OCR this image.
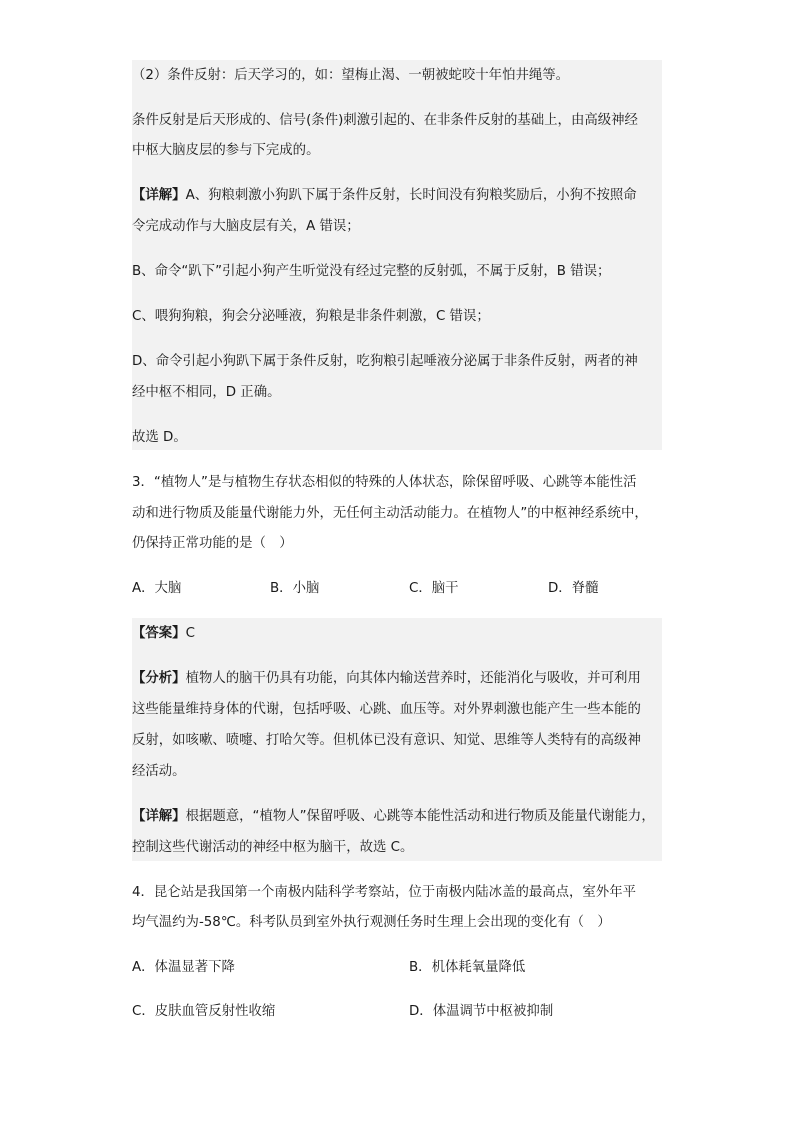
（2）条件反射：后天学习的，如：望梅止渴、一朝被蛇咬十年怕井绳等。
条件反射是后天形成的、信号(条件)刺激引起的、在非条件反射的基础上，由高级神经
中枢大脑皮层的参与下完成的。
【详解】A、狗粮刺激小狗趴下属于条件反射，长时间没有狗粮奖励后，小狗不按照命
令完成动作与大脑皮层有关，A 错误；
B、命令“趴下”引起小狗产生听觉没有经过完整的反射弧，不属于反射，B 错误；
C、喂狗狗粮，狗会分泌唾液，狗粮是非条件刺激，C 错误；
D、命令引起小狗趴下属于条件反射，吃狗粮引起唾液分泌属于非条件反射，两者的神
经中枢不相同，D 正确。
故选 D。
3．“植物人”是与植物生存状态相似的特殊的人体状态，除保留呼吸、心跳等本能性活
动和进行物质及能量代谢能力外，无任何主动活动能力。在植物人”的中枢神经系统中，
仍保持正常功能的是（　）
A．大脑	B．小脑	C．脑干	D．脊髓
【答案】C
【分析】植物人的脑干仍具有功能，向其体内输送营养时，还能消化与吸收，并可利用
这些能量维持身体的代谢，包括呼吸、心跳、血压等。对外界刺激也能产生一些本能的
反射，如咳嗽、喷嚏、打哈欠等。但机体已没有意识、知觉、思维等人类特有的高级神
经活动。
【详解】根据题意，“植物人”保留呼吸、心跳等本能性活动和进行物质及能量代谢能力，
控制这些代谢活动的神经中枢为脑干，故选 C。
4．昆仑站是我国第一个南极内陆科学考察站，位于南极内陆冰盖的最高点，室外年平
均气温约为-58℃。科考队员到室外执行观测任务时生理上会出现的变化有（　）
A．体温显著下降	B．机体耗氧量降低
C．皮肤血管反射性收缩	D．体温调节中枢被抑制
